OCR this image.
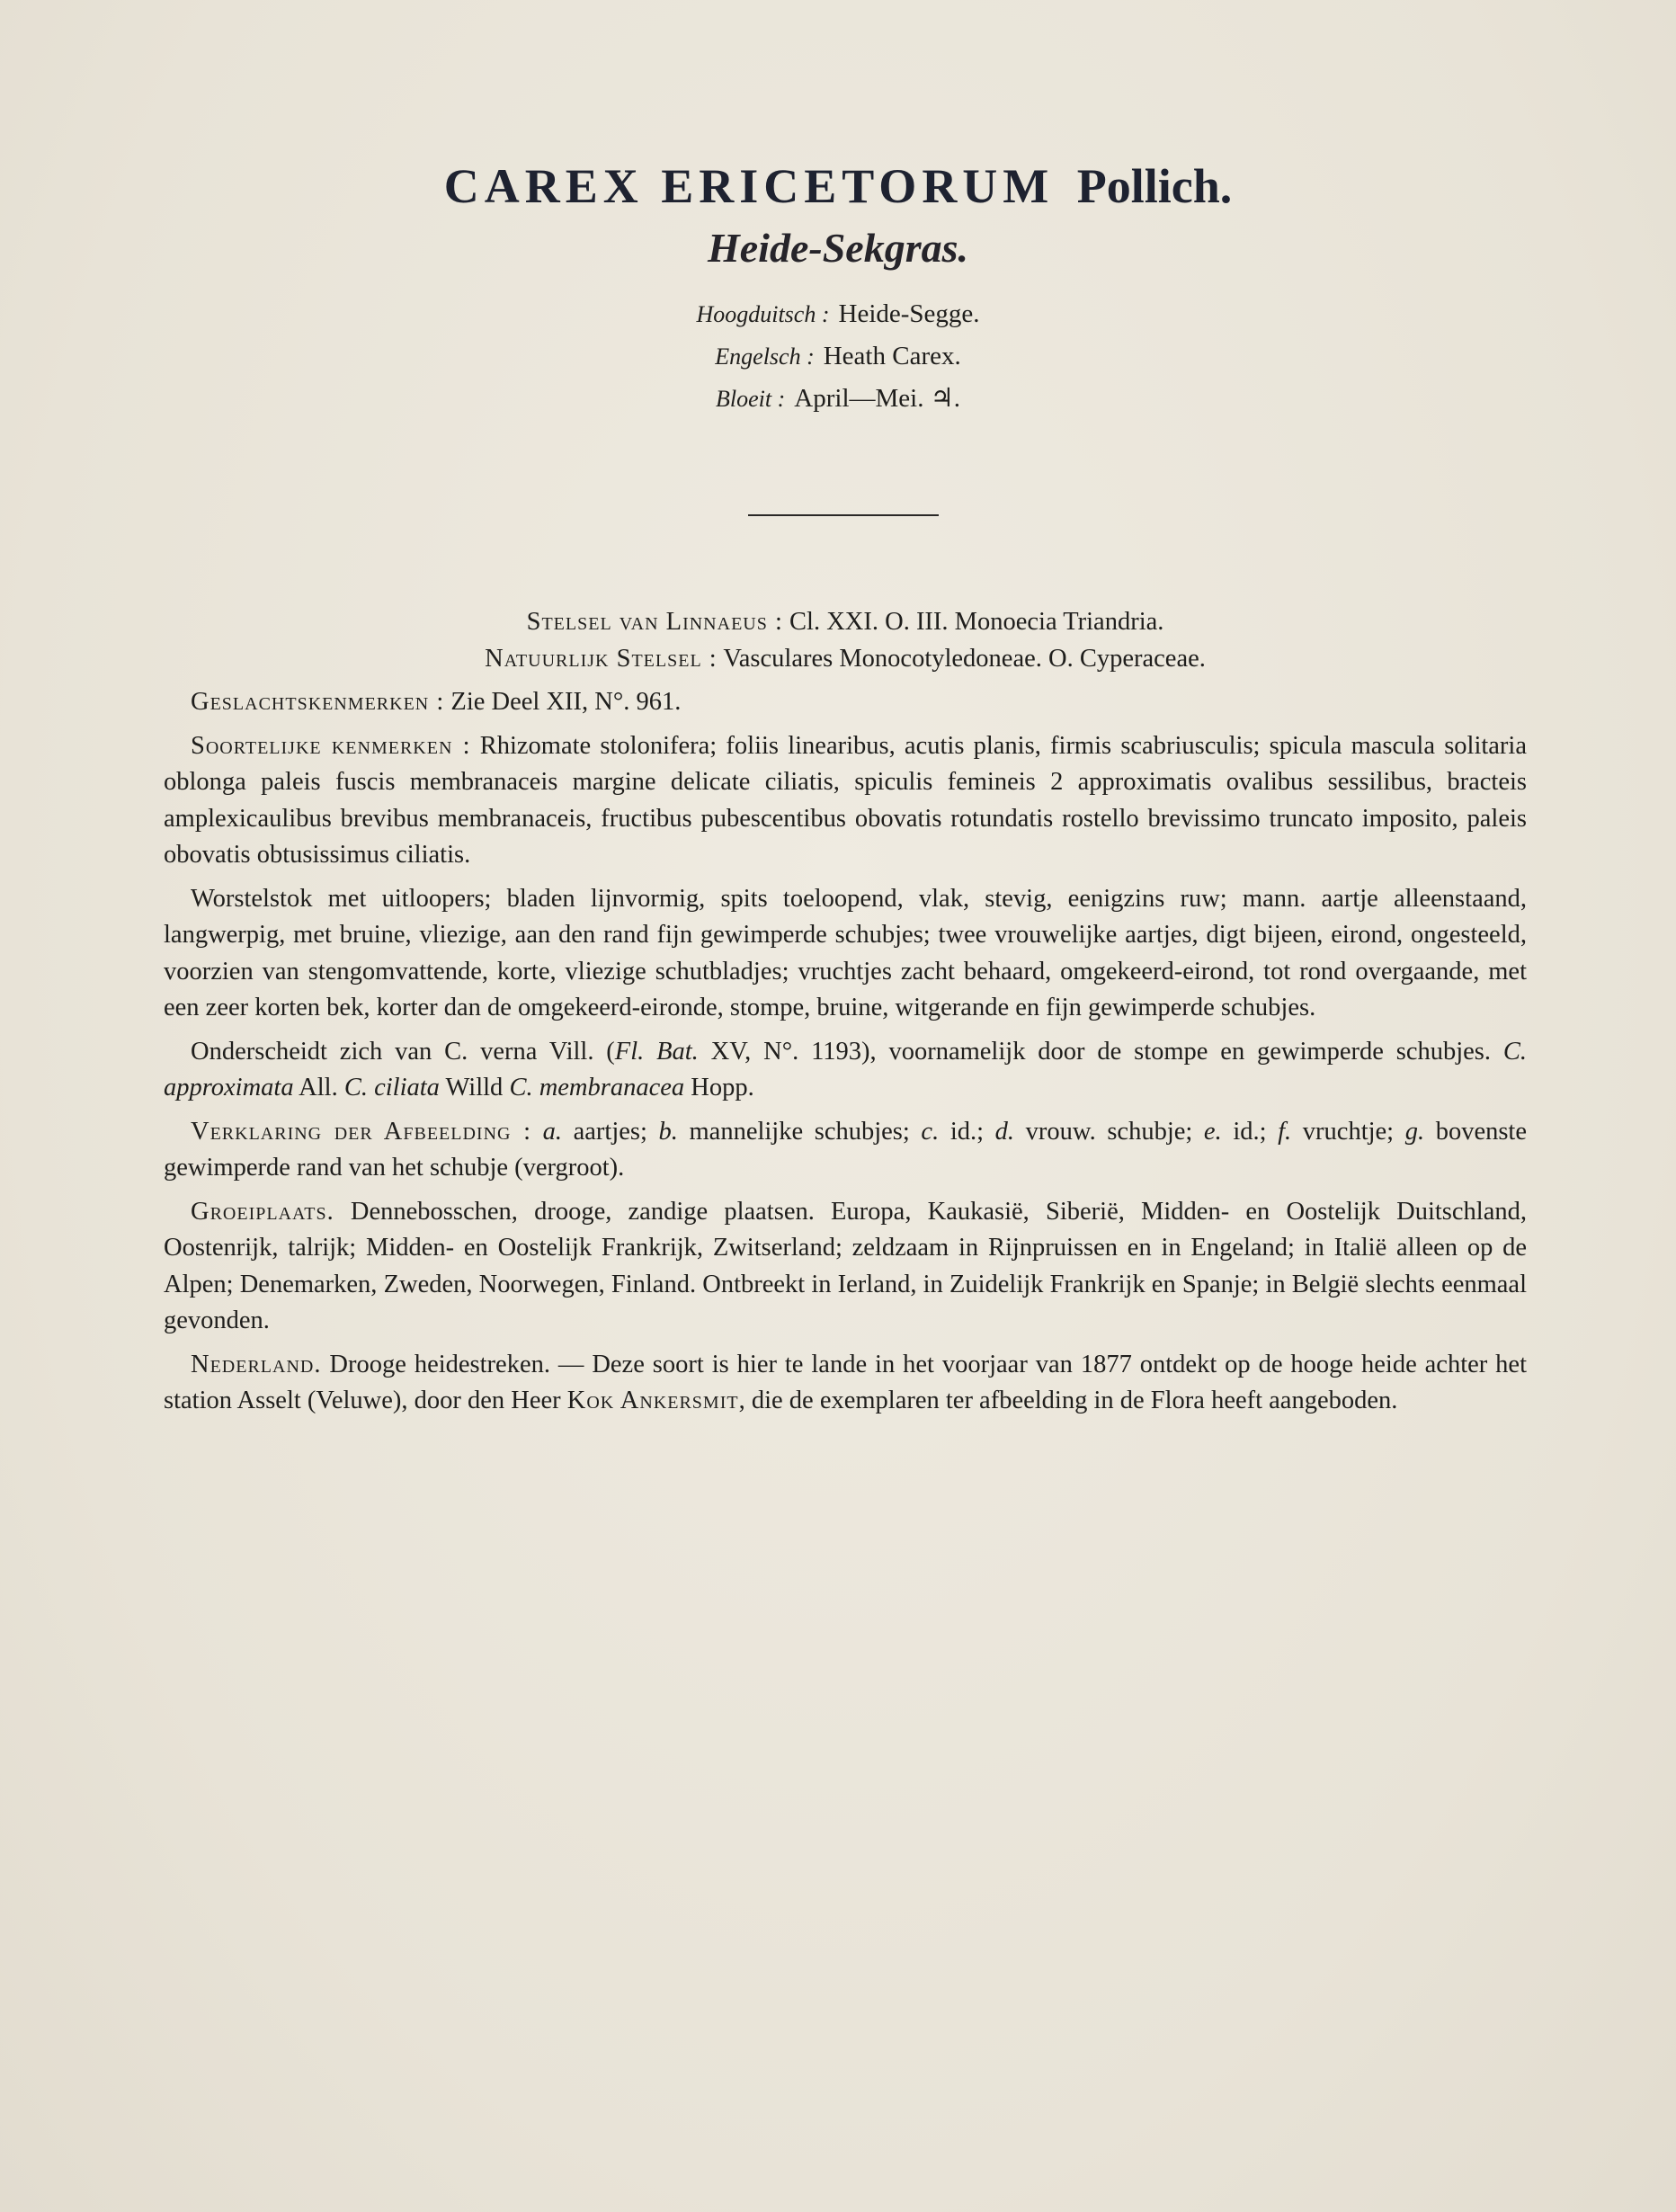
CAREX ERICETORUM Pollich.
Heide-Sekgras.
Hoogduitsch : Heide-Segge.
Engelsch : Heath Carex.
Bloeit : April—Mei. ♃.
Stelsel van Linnaeus : Cl. XXI. O. III. Monoecia Triandria.
Natuurlijk Stelsel : Vasculares Monocotyledoneae. O. Cyperaceae.

Geslachtskenmerken : Zie Deel XII, N°. 961.

Soortelijke kenmerken : Rhizomate stolonifera; foliis linearibus, acutis planis, firmis scabriusculis; spicula mascula solitaria oblonga paleis fuscis membranaceis margine delicate ciliatis, spiculis femineis 2 approximatis ovalibus sessilibus, bracteis amplexicaulibus brevibus membranaceis, fructibus pubescentibus obovatis rotundatis rostello brevissimo truncato imposito, paleis obovatis obtusissimus ciliatis.

Worstelstok met uitloopers; bladen lijnvormig, spits toeloopend, vlak, stevig, eenigzins ruw; mann. aartje alleenstaand, langwerpig, met bruine, vliezige, aan den rand fijn gewimperde schubjes; twee vrouwelijke aartjes, digt bijeen, eirond, ongesteeld, voorzien van stengomvattende, korte, vliezige schutbladjes; vruchtjes zacht behaard, omgekeerd-eirond, tot rond overgaande, met een zeer korten bek, korter dan de omgekeerd-eironde, stompe, bruine, witgerande en fijn gewimperde schubjes.

Onderscheidt zich van C. verna Vill. (Fl. Bat. XV, N°. 1193), voornamelijk door de stompe en gewimperde schubjes. C. approximata All. C. ciliata Willd C. membranacea Hopp.

Verklaring der Afbeelding : a. aartjes; b. mannelijke schubjes; c. id.; d. vrouw. schubje; e. id.; f. vruchtje; g. bovenste gewimperde rand van het schubje (vergroot).

Groeiplaats. Dennebosschen, drooge, zandige plaatsen. Europa, Kaukasië, Siberië, Midden- en Oostelijk Duitschland, Oostenrijk, talrijk; Midden- en Oostelijk Frankrijk, Zwitserland; zeldzaam in Rijnpruissen en in Engeland; in Italië alleen op de Alpen; Denemarken, Zweden, Noorwegen, Finland. Ontbreekt in Ierland, in Zuidelijk Frankrijk en Spanje; in België slechts eenmaal gevonden.

Nederland. Drooge heidestreken. — Deze soort is hier te lande in het voorjaar van 1877 ontdekt op de hooge heide achter het station Asselt (Veluwe), door den Heer Kok Ankersmit, die de exemplaren ter afbeelding in de Flora heeft aangeboden.
